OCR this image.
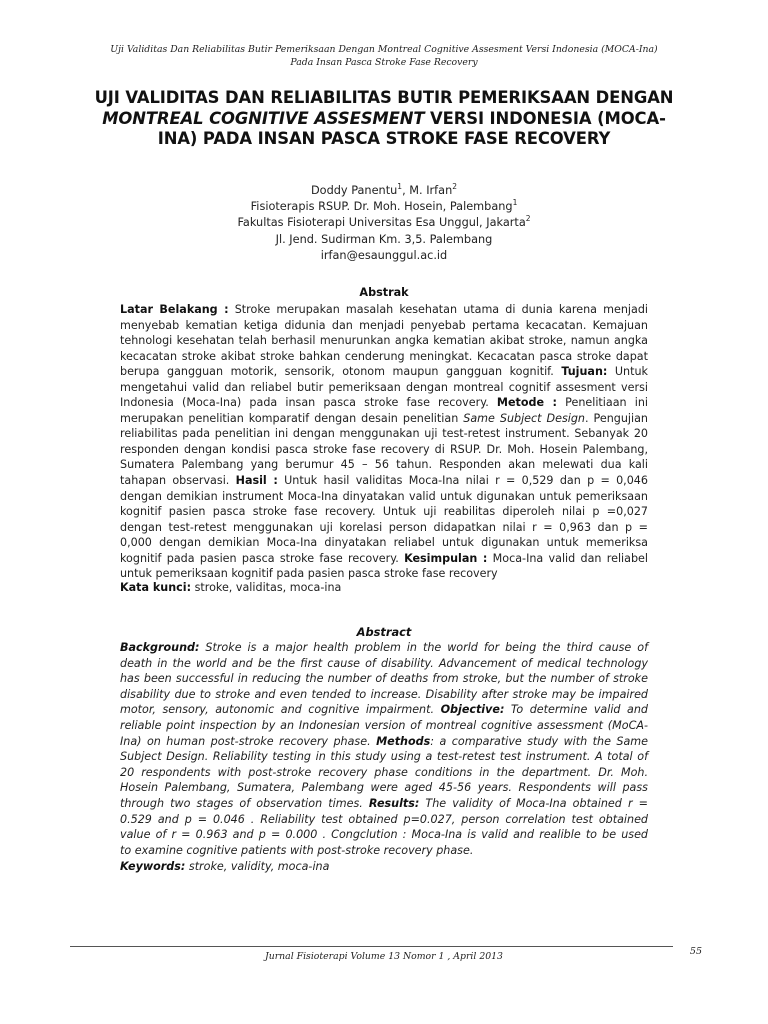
Uji Validitas Dan Reliabilitas Butir Pemeriksaan Dengan Montreal Cognitive Assesment Versi Indonesia (MOCA-Ina)
Pada Insan Pasca Stroke Fase Recovery
UJI VALIDITAS DAN RELIABILITAS BUTIR PEMERIKSAAN DENGAN
MONTREAL COGNITIVE ASSESMENT VERSI INDONESIA (MOCA-
INA) PADA INSAN PASCA STROKE FASE RECOVERY
Doddy Panentu$^1$, M. Irfan$^2$
Fisioterapis RSUP. Dr. Moh. Hosein, Palembang$^1$
Fakultas Fisioterapi Universitas Esa Unggul, Jakarta$^2$
Jl. Jend. Sudirman Km. 3,5. Palembang
irfan@esaunggul.ac.id
Abstrak
Latar Belakang : Stroke merupakan masalah kesehatan utama di dunia karena menjadi
menyebab kematian ketiga didunia dan menjadi penyebab pertama kecacatan. Kemajuan
tehnologi kesehatan telah berhasil menurunkan angka kematian akibat stroke, namun angka
kecacatan stroke akibat stroke bahkan cenderung meningkat. Kecacatan pasca stroke dapat
berupa gangguan motorik, sensorik, otonom maupun gangguan kognitif. Tujuan: Untuk
mengetahui valid dan reliabel butir pemeriksaan dengan montreal cognitif assesment versi
Indonesia (Moca-Ina) pada insan pasca stroke fase recovery. Metode : Penelitiaan ini
merupakan penelitian komparatif dengan desain penelitian Same Subject Design. Pengujian
reliabilitas pada penelitian ini dengan menggunakan uji test-retest instrument. Sebanyak 20
responden dengan kondisi pasca stroke fase recovery di RSUP. Dr. Moh. Hosein Palembang,
Sumatera Palembang yang berumur 45 – 56 tahun. Responden akan melewati dua kali
tahapan observasi. Hasil : Untuk hasil validitas Moca-Ina nilai r = 0,529 dan p = 0,046
dengan demikian instrument Moca-Ina dinyatakan valid untuk digunakan untuk pemeriksaan
kognitif pasien pasca stroke fase recovery. Untuk uji reabilitas diperoleh nilai p =0,027
dengan test-retest menggunakan uji korelasi person didapatkan nilai r = 0,963 dan p =
0,000 dengan demikian Moca-Ina dinyatakan reliabel untuk digunakan untuk memeriksa
kognitif pada pasien pasca stroke fase recovery. Kesimpulan : Moca-Ina valid dan reliabel
untuk pemeriksaan kognitif pada pasien pasca stroke fase recovery
Kata kunci: stroke, validitas, moca-ina
Abstract
Background: Stroke is a major health problem in the world for being the third cause of
death in the world and be the first cause of disability. Advancement of medical technology
has been successful in reducing the number of deaths from stroke, but the number of stroke
disability due to stroke and even tended to increase. Disability after stroke may be impaired
motor, sensory, autonomic and cognitive impairment. Objective: To determine valid and
reliable point inspection by an Indonesian version of montreal cognitive assessment (MoCA-
Ina) on human post-stroke recovery phase. Methods: a comparative study with the Same
Subject Design. Reliability testing in this study using a test-retest test instrument. A total of
20 respondents with post-stroke recovery phase conditions in the department. Dr. Moh.
Hosein Palembang, Sumatera, Palembang were aged 45-56 years. Respondents will pass
through two stages of observation times. Results: The validity of Moca-Ina obtained r =
0.529 and p = 0.046 . Reliability test obtained p=0.027, person correlation test obtained
value of r = 0.963 and p = 0.000 . Congclution : Moca-Ina is valid and realible to be used
to examine cognitive patients with post-stroke recovery phase.
Keywords: stroke, validity, moca-ina
Jurnal Fisioterapi Volume 13 Nomor 1 , April 2013	55
